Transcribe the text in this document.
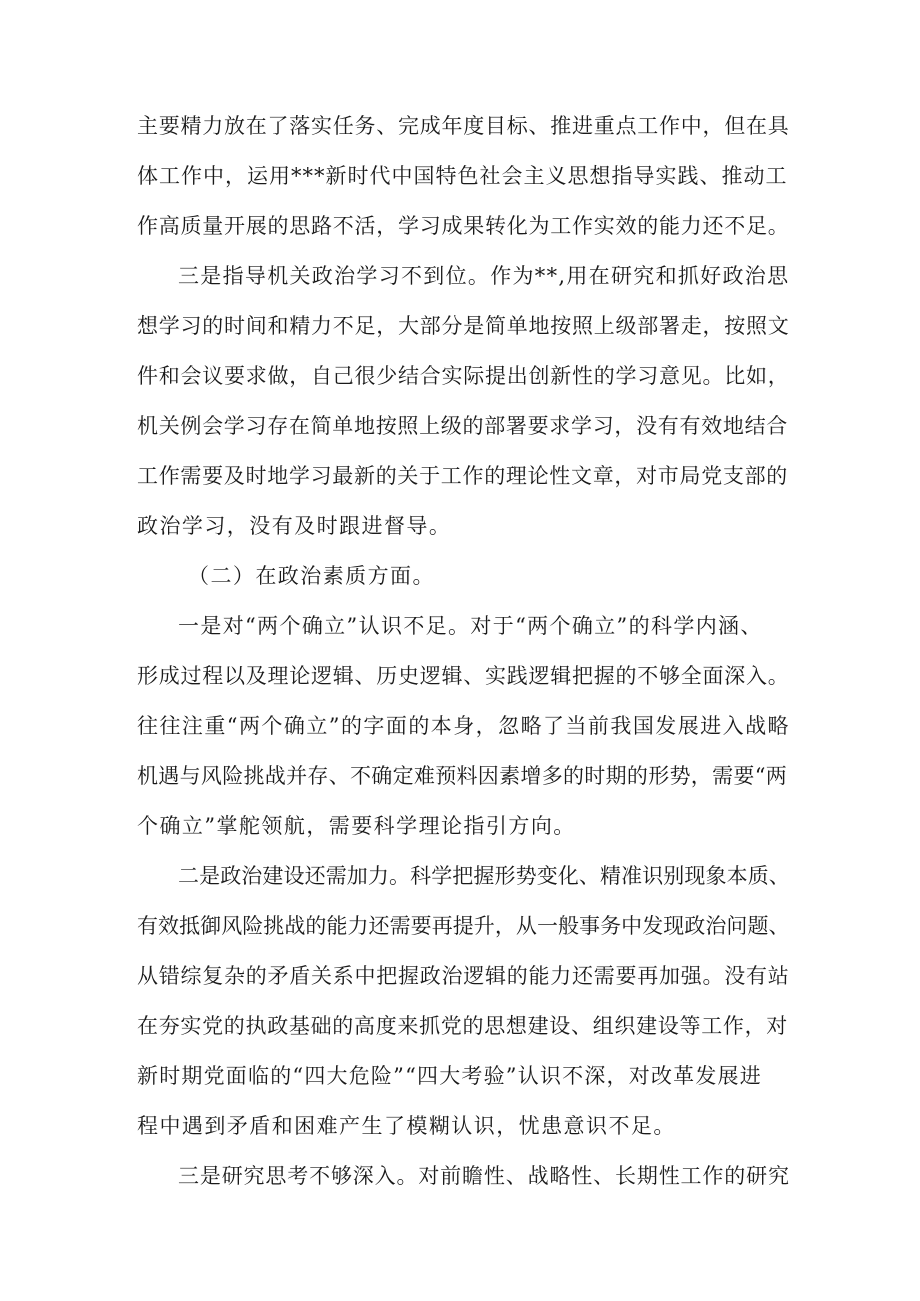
主要精力放在了落实任务、完成年度目标、推进重点工作中，但在具
体工作中，运用***新时代中国特色社会主义思想指导实践、推动工
作高质量开展的思路不活，学习成果转化为工作实效的能力还不足。
三是指导机关政治学习不到位。作为**,用在研究和抓好政治思
想学习的时间和精力不足，大部分是简单地按照上级部署走，按照文
件和会议要求做，自己很少结合实际提出创新性的学习意见。比如，
机关例会学习存在简单地按照上级的部署要求学习，没有有效地结合
工作需要及时地学习最新的关于工作的理论性文章，对市局党支部的
政治学习，没有及时跟进督导。
（二）在政治素质方面。
一是对“两个确立”认识不足。对于“两个确立”的科学内涵、
形成过程以及理论逻辑、历史逻辑、实践逻辑把握的不够全面深入。
往往注重“两个确立”的字面的本身，忽略了当前我国发展进入战略
机遇与风险挑战并存、不确定难预料因素增多的时期的形势，需要“两
个确立”掌舵领航，需要科学理论指引方向。
二是政治建设还需加力。科学把握形势变化、精准识别现象本质、
有效抵御风险挑战的能力还需要再提升，从一般事务中发现政治问题、
从错综复杂的矛盾关系中把握政治逻辑的能力还需要再加强。没有站
在夯实党的执政基础的高度来抓党的思想建设、组织建设等工作，对
新时期党面临的“四大危险”“四大考验”认识不深，对改革发展进
程中遇到矛盾和困难产生了模糊认识，忧患意识不足。
三是研究思考不够深入。对前瞻性、战略性、长期性工作的研究
